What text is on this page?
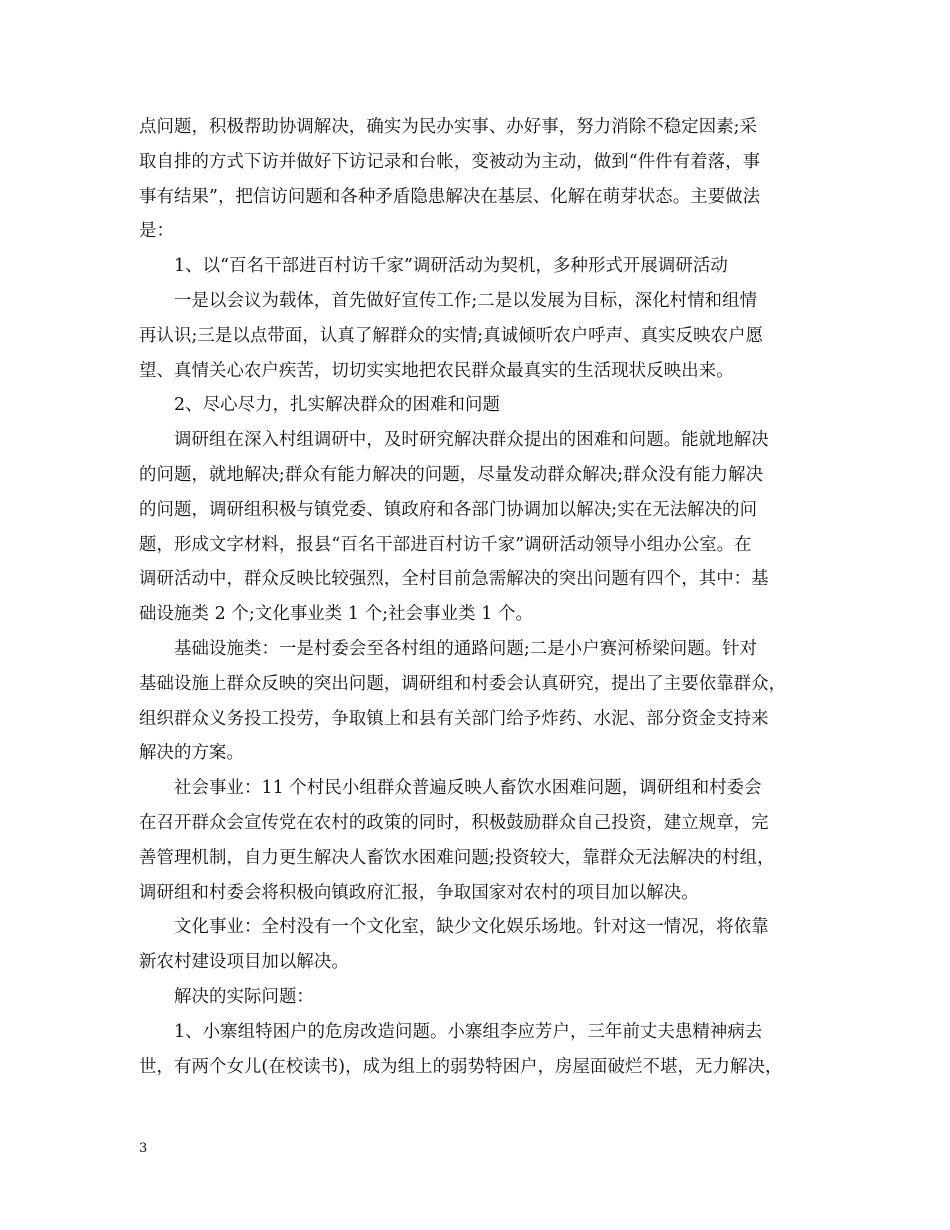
点问题，积极帮助协调解决，确实为民办实事、办好事，努力消除不稳定因素;采
取自排的方式下访并做好下访记录和台帐，变被动为主动，做到“件件有着落，事
事有结果”，把信访问题和各种矛盾隐患解决在基层、化解在萌芽状态。主要做法
是：
1、以“百名干部进百村访千家”调研活动为契机，多种形式开展调研活动
一是以会议为载体，首先做好宣传工作;二是以发展为目标，深化村情和组情
再认识;三是以点带面，认真了解群众的实情;真诚倾听农户呼声、真实反映农户愿
望、真情关心农户疾苦，切切实实地把农民群众最真实的生活现状反映出来。
2、尽心尽力，扎实解决群众的困难和问题
调研组在深入村组调研中，及时研究解决群众提出的困难和问题。能就地解决
的问题，就地解决;群众有能力解决的问题，尽量发动群众解决;群众没有能力解决
的问题，调研组积极与镇党委、镇政府和各部门协调加以解决;实在无法解决的问
题，形成文字材料，报县“百名干部进百村访千家”调研活动领导小组办公室。在
调研活动中，群众反映比较强烈，全村目前急需解决的突出问题有四个，其中：基
础设施类 2 个;文化事业类 1 个;社会事业类 1 个。
基础设施类：一是村委会至各村组的通路问题;二是小户赛河桥梁问题。针对
基础设施上群众反映的突出问题，调研组和村委会认真研究，提出了主要依靠群众，
组织群众义务投工投劳，争取镇上和县有关部门给予炸药、水泥、部分资金支持来
解决的方案。
社会事业：11 个村民小组群众普遍反映人畜饮水困难问题，调研组和村委会
在召开群众会宣传党在农村的政策的同时，积极鼓励群众自己投资，建立规章，完
善管理机制，自力更生解决人畜饮水困难问题;投资较大，靠群众无法解决的村组，
调研组和村委会将积极向镇政府汇报，争取国家对农村的项目加以解决。
文化事业：全村没有一个文化室，缺少文化娱乐场地。针对这一情况，将依靠
新农村建设项目加以解决。
解决的实际问题：
1、小寨组特困户的危房改造问题。小寨组李应芳户，三年前丈夫患精神病去
世，有两个女儿(在校读书)，成为组上的弱势特困户，房屋面破烂不堪，无力解决，
3
